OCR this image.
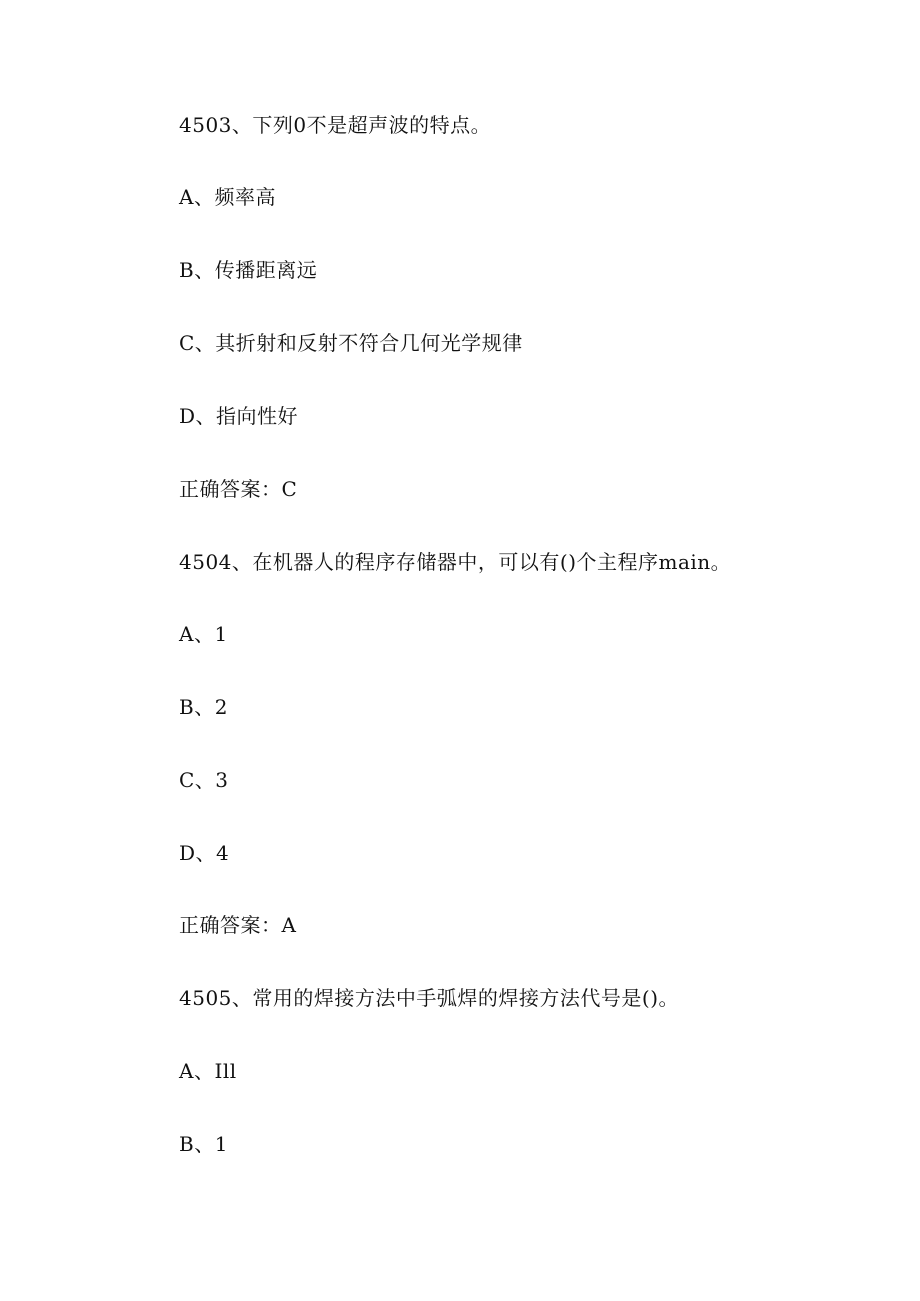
4503、下列0不是超声波的特点。
A、频率高
B、传播距离远
C、其折射和反射不符合几何光学规律
D、指向性好
正确答案：C
4504、在机器人的程序存储器中，可以有()个主程序main。
A、1
B、2
C、3
D、4
正确答案：A
4505、常用的焊接方法中手弧焊的焊接方法代号是()。
A、Ill
B、1
